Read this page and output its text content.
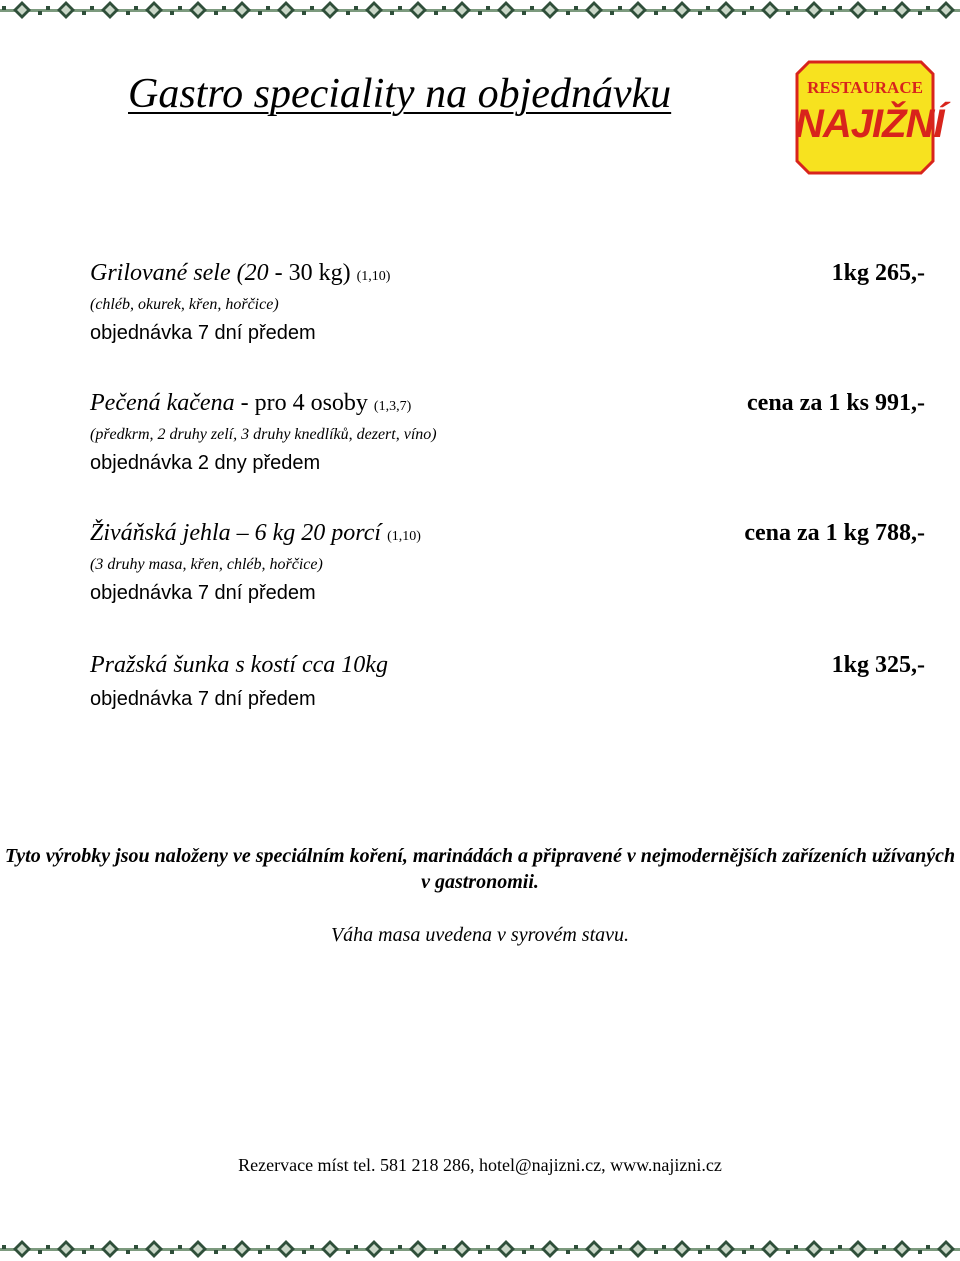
Gastro speciality na objednávku	RESTAURACE
NAJIŽNÍ
Grilované sele (20 - 30 kg) (1,10)	1kg 265,-
(chléb, okurek, křen, hořčice)
objednávka 7 dní předem
Pečená kačena - pro 4 osoby (1,3,7)	cena za 1 ks 991,-
(předkrm, 2 druhy zelí, 3 druhy knedlíků, dezert, víno)
objednávka 2 dny předem
Živáňská jehla – 6 kg 20 porcí (1,10)	cena za 1 kg 788,-
(3 druhy masa, křen, chléb, hořčice)
objednávka 7 dní předem
Pražská šunka s kostí cca 10kg	1kg 325,-
objednávka 7 dní předem
Tyto výrobky jsou naloženy ve speciálním koření, marinádách a připravené v nejmodernějších zařízeních užívaných v gastronomii.
Váha masa uvedena v syrovém stavu.
Rezervace míst tel. 581 218 286, hotel@najizni.cz, www.najizni.cz
